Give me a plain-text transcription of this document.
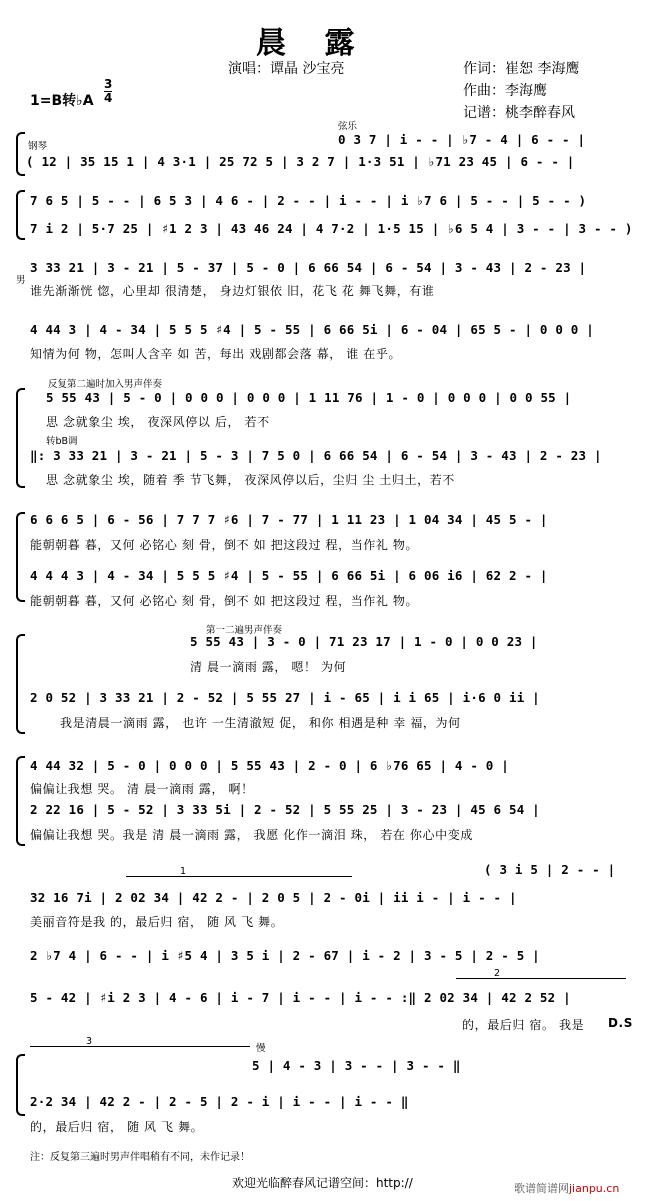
晨 露
演唱：谭晶 沙宝亮	作词：崔恕 李海鹰
作曲：李海鹰
记谱：桃李醉春风
1=B转♭A
3
4
弦乐
钢琴	0 3 7 | i - - | ♭7 - 4 | 6 - - |
( 12 | 35 15 1 | 4 3·1 | 25 72 5 | 3 2 7 | 1·3 51 | ♭71 23 45 | 6 - - |
7 6 5 | 5 - - | 6 5 3 | 4 6 - | 2 - - | i - - | i ♭7 6 | 5 - - | 5 - - )
7 i 2 | 5·7 25 | ♯1 2 3 | 43 46 24 | 4 7·2 | 1·5 15 | ♭6 5 4 | 3 - - | 3 - - )
男
3 33 21 | 3 - 21 | 5 - 37 | 5 - 0 | 6 66 54 | 6 - 54 | 3 - 43 | 2 - 23 |
谁先渐渐恍 惚，心里却 很清楚， 身边灯银依 旧，花飞 花 舞飞舞，有谁
4 44 3 | 4 - 34 | 5 5 5 ♯4 | 5 - 55 | 6 66 5i | 6 - 04 | 65 5 - | 0 0 0 |
知情为何 物，怎叫人含辛 如 苦，每出 戏剧都会落 幕， 谁 在乎。
反复第二遍时加入男声伴奏
5 55 43 | 5 - 0 | 0 0 0 | 0 0 0 | 1 11 76 | 1 - 0 | 0 0 0 | 0 0 55 |
思 念就象尘 埃， 夜深风停以 后， 若不
转bB调
‖: 3 33 21 | 3 - 21 | 5 - 3 | 7 5 0 | 6 66 54 | 6 - 54 | 3 - 43 | 2 - 23 |
思 念就象尘 埃，随着 季 节飞舞， 夜深风停以后，尘归 尘 土归土，若不
6 6 6 5 | 6 - 56 | 7 7 7 ♯6 | 7 - 77 | 1 11 23 | 1 04 34 | 45 5 - |
能朝朝暮 暮，又何 必铭心 刻 骨，倒不 如 把这段过 程，当作礼 物。
4 4 4 3 | 4 - 34 | 5 5 5 ♯4 | 5 - 55 | 6 66 5i | 6 06 i6 | 62 2 - |
能朝朝暮 暮，又何 必铭心 刻 骨，倒不 如 把这段过 程，当作礼 物。
第一二遍男声伴奏
5 55 43 | 3 - 0 | 71 23 17 | 1 - 0 | 0 0 23 |
清 晨一滴雨 露， 嗯！ 为何
2 0 52 | 3 33 21 | 2 - 52 | 5 55 27 | i - 65 | i i 65 | i·6 0 ii |
我是清晨一滴雨 露， 也许 一生清澈短 促， 和你 相遇是种 幸 福，为何
4 44 32 | 5 - 0 | 0 0 0 | 5 55 43 | 2 - 0 | 6 ♭76 65 | 4 - 0 |
偏偏让我想 哭。 清 晨一滴雨 露， 啊！
2 22 16 | 5 - 52 | 3 33 5i | 2 - 52 | 5 55 25 | 3 - 23 | 45 6 54 |
偏偏让我想 哭。我是 清 晨一滴雨 露， 我愿 化作一滴泪 珠， 若在 你心中变成
1	( 3 i 5 | 2 - - |
32 16 7i | 2 02 34 | 42 2 - | 2 0 5 | 2 - 0i | ii i - | i - - |
美丽音符是我 的，最后归 宿， 随 风 飞 舞。
2 ♭7 4 | 6 - - | i ♯5 4 | 3 5 i | 2 - 67 | i - 2 | 3 - 5 | 2 - 5 |
2
5 - 42 | ♯i 2 3 | 4 - 6 | i - 7 | i - - | i - - :‖ 2 02 34 | 42 2 52 |
的，最后归 宿。 我是 D.S
3
慢
5 | 4 - 3 | 3 - - | 3 - - ‖
2·2 34 | 42 2 - | 2 - 5 | 2 - i | i - - | i - - ‖
的，最后归 宿， 随 风 飞 舞。
注：反复第三遍时男声伴唱稍有不同，未作记录！
欢迎光临醉春风记谱空间：http://	歌谱简谱网jianpu.cn
